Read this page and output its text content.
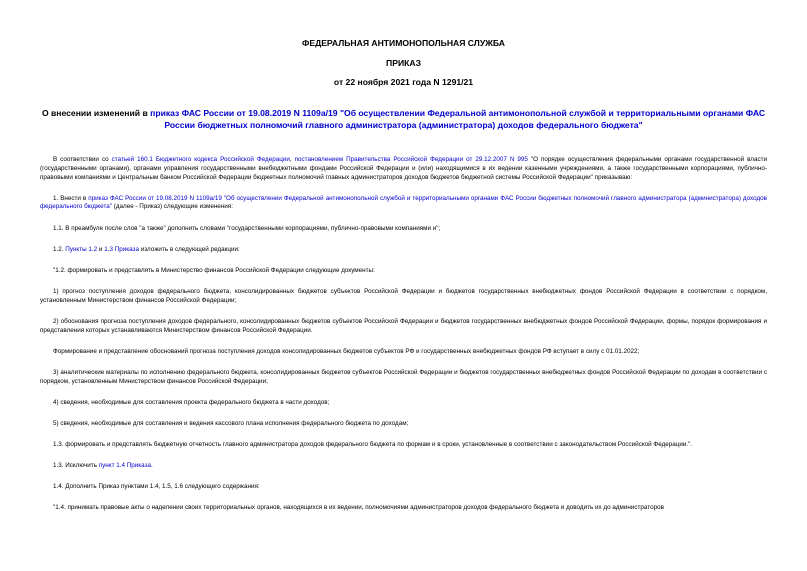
ФЕДЕРАЛЬНАЯ АНТИМОНОПОЛЬНАЯ СЛУЖБА
ПРИКАЗ
от 22 ноября 2021 года N 1291/21
О внесении изменений в приказ ФАС России от 19.08.2019 N 1109а/19 "Об осуществлении Федеральной антимонопольной службой и территориальными органами ФАС России бюджетных полномочий главного администратора (администратора) доходов федерального бюджета"

В соответствии со статьей 160.1 Бюджетного кодекса Российской Федерации, постановлением Правительства Российской Федерации от 29.12.2007 N 995 "О порядке осуществления федеральными органами государственной власти (государственными органами), органами управления государственными внебюджетными фондами Российской Федерации и (или) находящимися в их ведении казенными учреждениями, а также государственными корпорациями, публично-правовыми компаниями и Центральным банком Российской Федерации бюджетных полномочий главных администраторов доходов бюджетов бюджетной системы Российской Федерации" приказываю:

1. Внести в приказ ФАС России от 19.08.2019 N 1109а/19 "Об осуществлении Федеральной антимонопольной службой и территориальными органами ФАС России бюджетных полномочий главного администратора (администратора) доходов федерального бюджета" (далее - Приказ) следующие изменения:

1.1. В преамбуле после слов "а также" дополнить словами "государственными корпорациями, публично-правовыми компаниями и";

1.2. Пункты 1.2 и 1.3 Приказа изложить в следующей редакции:

"1.2. формировать и представлять в Министерство финансов Российской Федерации следующие документы:

1) прогноз поступления доходов федерального бюджета, консолидированных бюджетов субъектов Российской Федерации и бюджетов государственных внебюджетных фондов Российской Федерации в соответствии с порядком, установленным Министерством финансов Российской Федерации;

2) обоснования прогноза поступления доходов федерального, консолидированных бюджетов субъектов Российской Федерации и бюджетов государственных внебюджетных фондов Российской Федерации, формы, порядок формирования и представления которых устанавливаются Министерством финансов Российской Федерации.

Формирование и представление обоснований прогноза поступления доходов консолидированных бюджетов субъектов РФ и государственных внебюджетных фондов РФ вступает в силу с 01.01.2022;

3) аналитические материалы по исполнению федерального бюджета, консолидированных бюджетов субъектов Российской Федерации и бюджетов государственных внебюджетных фондов Российской Федерации по доходам в соответствии с порядком, установленным Министерством финансов Российской Федерации;

4) сведения, необходимые для составления проекта федерального бюджета в части доходов;

5) сведения, необходимые для составления и ведения кассового плана исполнения федерального бюджета по доходам;

1.3. формировать и представлять бюджетную отчетность главного администратора доходов федерального бюджета по формам и в сроки, установленные в соответствии с законодательством Российской Федерации.".

1.3. Исключить пункт 1.4 Приказа.

1.4. Дополнить Приказ пунктами 1.4, 1.5, 1.6 следующего содержания:

"1.4. принимать правовые акты о наделении своих территориальных органов, находящихся в их ведении, полномочиями администраторов доходов федерального бюджета и доводить их до администраторов
